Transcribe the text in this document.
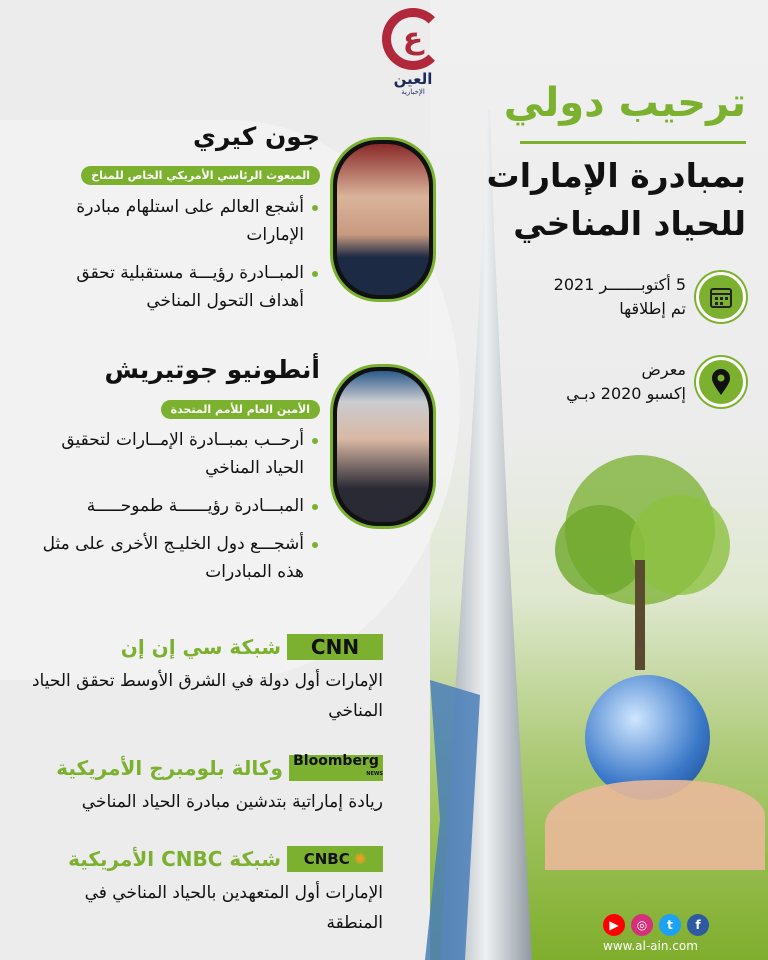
ع
العين
الإخبارية	ترحيب دولي
بمبادرة الإمارات
للحياد المناخي
5 أكتوبـــــــر 2021
تم إطلاقها
معرض
إكسبو 2020 دبـي
جون كيري
المبعوث الرئاسي الأمريكي الخاص للمناخ
أشجع العالم على استلهام مبادرة الإمارات
المبــادرة رؤيـــة مستقبلية تحقق أهداف التحول المناخي
أنطونيو جوتيريش
الأمين العام للأمم المتحدة
أرحــب بمبــادرة الإمــارات لتحقيق الحياد المناخي
المبـــادرة رؤيــــــة طموحـــــة
أشجـــع دول الخليـج الأخرى على مثل هذه المبادرات
CNN
شبكة سي إن إن
الإمارات أول دولة في الشرق الأوسط تحقق الحياد المناخي
Bloomberg
NEWS
وكالة بلومبرج الأمريكية
ريادة إماراتية بتدشين مبادرة الحياد المناخي
✺
CNBC
شبكة CNBC الأمريكية
الإمارات أول المتعهدين بالحياد المناخي في المنطقة	▶	◎	t	f
www.al-ain.com
